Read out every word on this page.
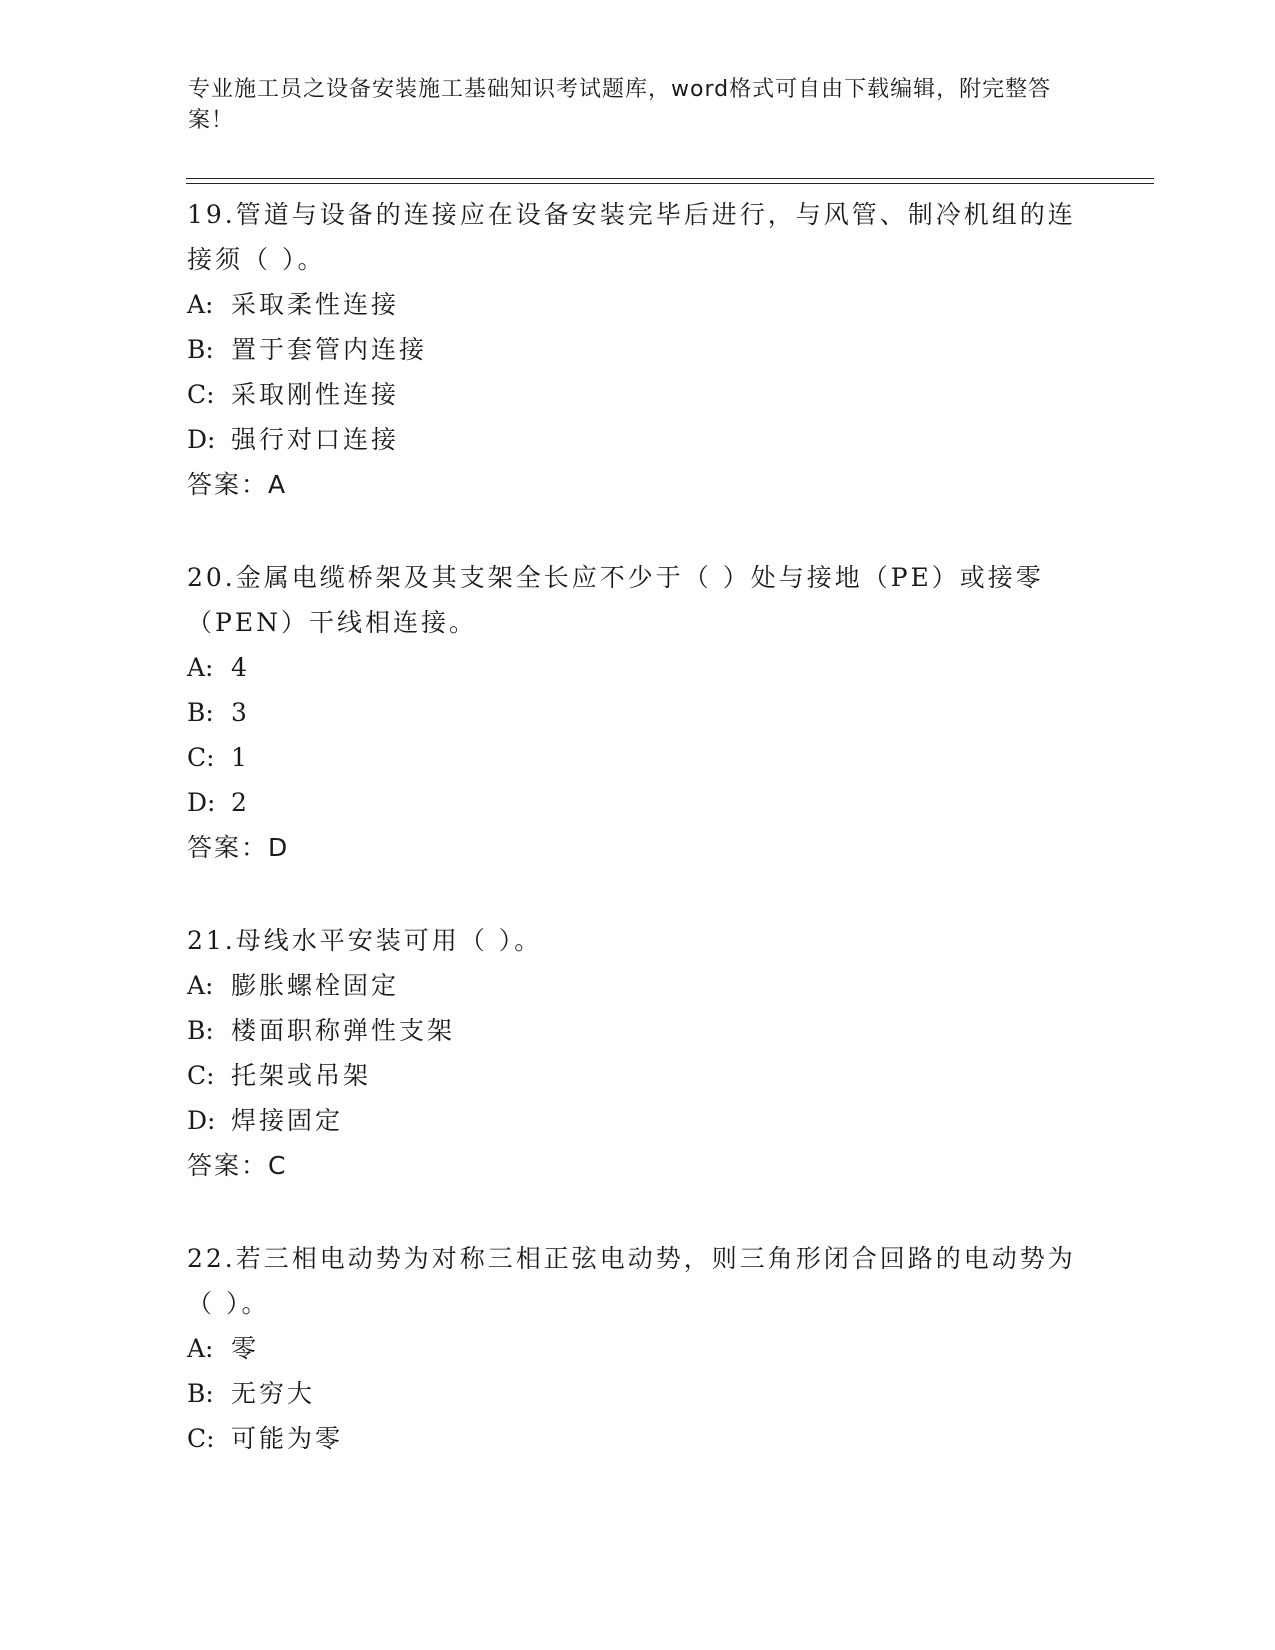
专业施工员之设备安装施工基础知识考试题库，word格式可自由下载编辑，附完整答案！
19.管道与设备的连接应在设备安装完毕后进行，与风管、制冷机组的连接须（ ）。
A: 采取柔性连接
B: 置于套管内连接
C: 采取刚性连接
D: 强行对口连接
答案：A
20.金属电缆桥架及其支架全长应不少于（ ）处与接地（PE）或接零（PEN）干线相连接。
A: 4
B: 3
C: 1
D: 2
答案：D
21.母线水平安装可用（ ）。
A: 膨胀螺栓固定
B: 楼面职称弹性支架
C: 托架或吊架
D: 焊接固定
答案：C
22.若三相电动势为对称三相正弦电动势，则三角形闭合回路的电动势为（ ）。
A: 零
B: 无穷大
C: 可能为零
